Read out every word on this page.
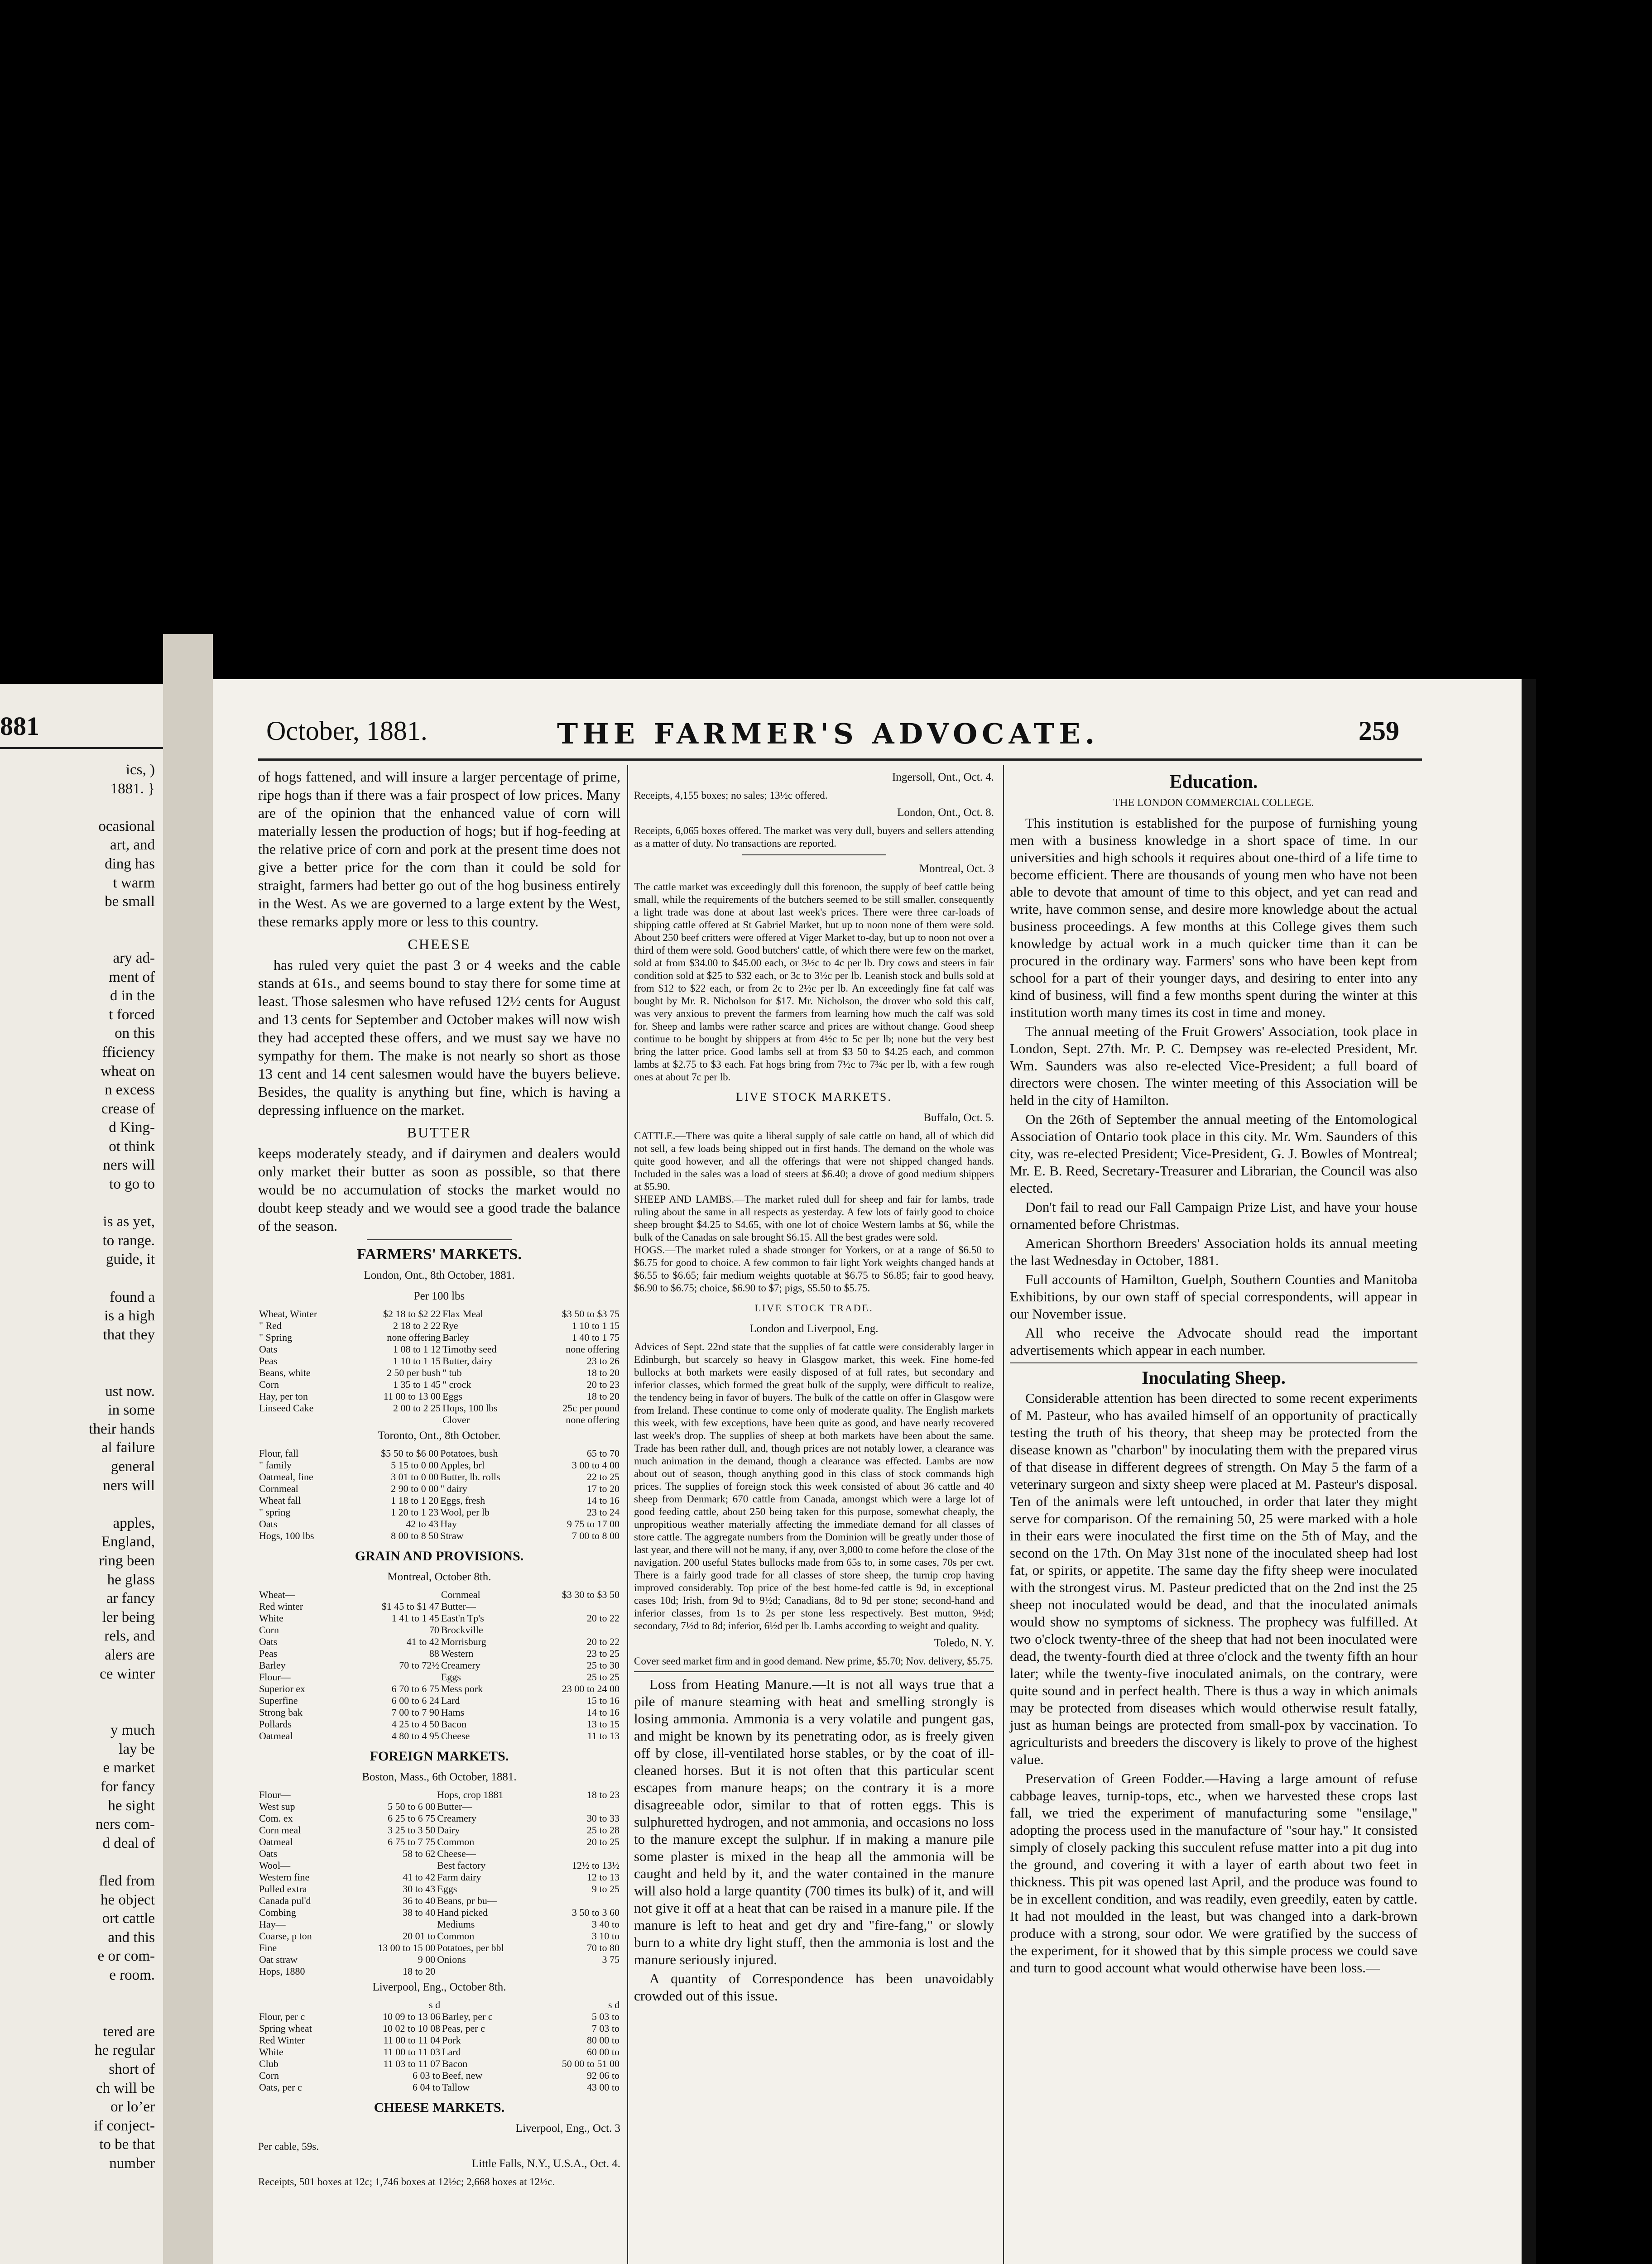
881
ics, )
1881. }

ocasional
art, and
ding has
t warm
be small

ary ad-
ment of
d in the
t forced
on this
fficiency
wheat on
n excess
crease of
d King-
ot think
ners will
to go to

is as yet,
to range.
guide, it

found a
is a high
that they

ust now.
in some
their hands
al failure
general
ners will

apples,
England,
ring been
he glass
ar fancy
ler being
rels, and
alers are
ce winter

y much
lay be
e market
for fancy
he sight
ners com-
d deal of

fled from
he object
ort cattle
and this
e or com-
e room.

tered are
he regular
short of
ch will be
or lo’er
if conject-
to be that
number
October, 1881.	THE FARMER'S ADVOCATE.	259

of hogs fattened, and will insure a larger percentage of prime, ripe hogs than if there was a fair prospect of low prices. Many are of the opinion that the enhanced value of corn will materially lessen the production of hogs; but if hog-feeding at the relative price of corn and pork at the present time does not give a better price for the corn than it could be sold for straight, farmers had better go out of the hog business entirely in the West. As we are governed to a large extent by the West, these remarks apply more or less to this country.

CHEESE

has ruled very quiet the past 3 or 4 weeks and the cable stands at 61s., and seems bound to stay there for some time at least. Those salesmen who have refused 12½ cents for August and 13 cents for September and October makes will now wish they had accepted these offers, and we must say we have no sympathy for them. The make is not nearly so short as those 13 cent and 14 cent salesmen would have the buyers believe. Besides, the quality is anything but fine, which is having a depressing influence on the market.

BUTTER

keeps moderately steady, and if dairymen and dealers would only market their butter as soon as possible, so that there would be no accumulation of stocks the market would no doubt keep steady and we would see a good trade the balance of the season.

FARMERS' MARKETS.
London, Ont., 8th October, 1881.
Per 100 lbs
Wheat, Winter	$2 18 to $2 22	Flax Meal	$3 50 to $3 75
" Red	2 18 to 2 22	Rye	1 10 to 1 15
" Spring	none offering	Barley	1 40 to 1 75
Oats	1 08 to 1 12	Timothy seed	none offering
Peas	1 10 to 1 15	Butter, dairy	23 to 26
Beans, white	2 50 per bush	" tub	18 to 20
Corn	1 35 to 1 45	" crock	20 to 23
Hay, per ton	11 00 to 13 00	Eggs	18 to 20
Linseed Cake	2 00 to 2 25	Hops, 100 lbs	25c per pound
		Clover	none offering
Toronto, Ont., 8th October.
Flour, fall	$5 50 to $6 00	Potatoes, bush	65 to 70
" family	5 15 to 0 00	Apples, brl	3 00 to 4 00
Oatmeal, fine	3 01 to 0 00	Butter, lb. rolls	22 to 25
Cornmeal	2 90 to 0 00	" dairy	17 to 20
Wheat fall	1 18 to 1 20	Eggs, fresh	14 to 16
" spring	1 20 to 1 23	Wool, per lb	23 to 24
Oats	42 to 43	Hay	9 75 to 17 00
Hogs, 100 lbs	8 00 to 8 50	Straw	7 00 to 8 00
GRAIN AND PROVISIONS.
Montreal, October 8th.
Wheat—		Cornmeal	$3 30 to $3 50
Red winter	$1 45 to $1 47	Butter—	
White	1 41 to 1 45	East'n Tp's	20 to 22
Corn	70	Brockville	
Oats	41 to 42	Morrisburg	20 to 22
Peas	88	Western	23 to 25
Barley	70 to 72½	Creamery	25 to 30
Flour—		Eggs	25 to 25
Superior ex	6 70 to 6 75	Mess pork	23 00 to 24 00
Superfine	6 00 to 6 24	Lard	15 to 16
Strong bak	7 00 to 7 90	Hams	14 to 16
Pollards	4 25 to 4 50	Bacon	13 to 15
Oatmeal	4 80 to 4 95	Cheese	11 to 13
FOREIGN MARKETS.
Boston, Mass., 6th October, 1881.
Flour—		Hops, crop 1881	18 to 23
West sup	5 50 to 6 00	Butter—	
Com. ex	6 25 to 6 75	Creamery	30 to 33
Corn meal	3 25 to 3 50	Dairy	25 to 28
Oatmeal	6 75 to 7 75	Common	20 to 25
Oats	58 to 62	Cheese—	
Wool—		Best factory	12½ to 13½
Western fine	41 to 42	Farm dairy	12 to 13
Pulled extra	30 to 43	Eggs	9 to 25
Canada pul'd	36 to 40	Beans, pr bu—	
Combing	38 to 40	Hand picked	3 50 to 3 60
Hay—		Mediums	3 40 to
Coarse, p ton	20 01 to	Common	3 10 to
Fine	13 00 to 15 00	Potatoes, per bbl	70 to 80
Oat straw	9 00	Onions	3 75
Hops, 1880	18 to 20		
Liverpool, Eng., October 8th.
	s d		s d
Flour, per c	10 09 to 13 06	Barley, per c	5 03 to
Spring wheat	10 02 to 10 08	Peas, per c	7 03 to
Red Winter	11 00 to 11 04	Pork	80 00 to
White	11 00 to 11 03	Lard	60 00 to
Club	11 03 to 11 07	Bacon	50 00 to 51 00
Corn	6 03 to	Beef, new	92 06 to
Oats, per c	6 04 to	Tallow	43 00 to
CHEESE MARKETS.
Liverpool, Eng., Oct. 3

Per cable, 59s.

Little Falls, N.Y., U.S.A., Oct. 4.

Receipts, 501 boxes at 12c; 1,746 boxes at 12½c; 2,668 boxes at 12½c.

Ingersoll, Ont., Oct. 4.

Receipts, 4,155 boxes; no sales; 13½c offered.

London, Ont., Oct. 8.

Receipts, 6,065 boxes offered. The market was very dull, buyers and sellers attending as a matter of duty. No transactions are reported.

Montreal, Oct. 3

The cattle market was exceedingly dull this forenoon, the supply of beef cattle being small, while the requirements of the butchers seemed to be still smaller, consequently a light trade was done at about last week's prices. There were three car-loads of shipping cattle offered at St Gabriel Market, but up to noon none of them were sold. About 250 beef critters were offered at Viger Market to-day, but up to noon not over a third of them were sold. Good butchers' cattle, of which there were few on the market, sold at from $34.00 to $45.00 each, or 3½c to 4c per lb. Dry cows and steers in fair condition sold at $25 to $32 each, or 3c to 3½c per lb. Leanish stock and bulls sold at from $12 to $22 each, or from 2c to 2½c per lb. An exceedingly fine fat calf was bought by Mr. R. Nicholson for $17. Mr. Nicholson, the drover who sold this calf, was very anxious to prevent the farmers from learning how much the calf was sold for. Sheep and lambs were rather scarce and prices are without change. Good sheep continue to be bought by shippers at from 4½c to 5c per lb; none but the very best bring the latter price. Good lambs sell at from $3 50 to $4.25 each, and common lambs at $2.75 to $3 each. Fat hogs bring from 7½c to 7¾c per lb, with a few rough ones at about 7c per lb.

LIVE STOCK MARKETS.
Buffalo, Oct. 5.

CATTLE.—There was quite a liberal supply of sale cattle on hand, all of which did not sell, a few loads being shipped out in first hands. The demand on the whole was quite good however, and all the offerings that were not shipped changed hands. Included in the sales was a load of steers at $6.40; a drove of good medium shippers at $5.90.
SHEEP AND LAMBS.—The market ruled dull for sheep and fair for lambs, trade ruling about the same in all respects as yesterday. A few lots of fairly good to choice sheep brought $4.25 to $4.65, with one lot of choice Western lambs at $6, while the bulk of the Canadas on sale brought $6.15. All the best grades were sold.
HOGS.—The market ruled a shade stronger for Yorkers, or at a range of $6.50 to $6.75 for good to choice. A few common to fair light York weights changed hands at $6.55 to $6.65; fair medium weights quotable at $6.75 to $6.85; fair to good heavy, $6.90 to $6.75; choice, $6.90 to $7; pigs, $5.50 to $5.75.

LIVE STOCK TRADE.
London and Liverpool, Eng.

Advices of Sept. 22nd state that the supplies of fat cattle were considerably larger in Edinburgh, but scarcely so heavy in Glasgow market, this week. Fine home-fed bullocks at both markets were easily disposed of at full rates, but secondary and inferior classes, which formed the great bulk of the supply, were difficult to realize, the tendency being in favor of buyers. The bulk of the cattle on offer in Glasgow were from Ireland. These continue to come only of moderate quality. The English markets this week, with few exceptions, have been quite as good, and have nearly recovered last week's drop. The supplies of sheep at both markets have been about the same. Trade has been rather dull, and, though prices are not notably lower, a clearance was much animation in the demand, though a clearance was effected. Lambs are now about out of season, though anything good in this class of stock commands high prices. The supplies of foreign stock this week consisted of about 36 cattle and 40 sheep from Denmark; 670 cattle from Canada, amongst which were a large lot of good feeding cattle, about 250 being taken for this purpose, somewhat cheaply, the unpropitious weather materially affecting the immediate demand for all classes of store cattle. The aggregate numbers from the Dominion will be greatly under those of last year, and there will not be many, if any, over 3,000 to come before the close of the navigation. 200 useful States bullocks made from 65s to, in some cases, 70s per cwt. There is a fairly good trade for all classes of store sheep, the turnip crop having improved considerably. Top price of the best home-fed cattle is 9d, in exceptional cases 10d; Irish, from 9d to 9½d; Canadians, 8d to 9d per stone; second-hand and inferior classes, from 1s to 2s per stone less respectively. Best mutton, 9½d; secondary, 7½d to 8d; inferior, 6½d per lb. Lambs according to weight and quality.

Toledo, N. Y.

Cover seed market firm and in good demand. New prime, $5.70; Nov. delivery, $5.75.

Loss from Heating Manure.—It is not all ways true that a pile of manure steaming with heat and smelling strongly is losing ammonia. Ammonia is a very volatile and pungent gas, and might be known by its penetrating odor, as is freely given off by close, ill-ventilated horse stables, or by the coat of ill-cleaned horses. But it is not often that this particular scent escapes from manure heaps; on the contrary it is a more disagreeable odor, similar to that of rotten eggs. This is sulphuretted hydrogen, and not ammonia, and occasions no loss to the manure except the sulphur. If in making a manure pile some plaster is mixed in the heap all the ammonia will be caught and held by it, and the water contained in the manure will also hold a large quantity (700 times its bulk) of it, and will not give it off at a heat that can be raised in a manure pile. If the manure is left to heat and get dry and "fire-fang," or slowly burn to a white dry light stuff, then the ammonia is lost and the manure seriously injured.

A quantity of Correspondence has been unavoidably crowded out of this issue.

Education.
THE LONDON COMMERCIAL COLLEGE.

This institution is established for the purpose of furnishing young men with a business knowledge in a short space of time. In our universities and high schools it requires about one-third of a life time to become efficient. There are thousands of young men who have not been able to devote that amount of time to this object, and yet can read and write, have common sense, and desire more knowledge about the actual business proceedings. A few months at this College gives them such knowledge by actual work in a much quicker time than it can be procured in the ordinary way. Farmers' sons who have been kept from school for a part of their younger days, and desiring to enter into any kind of business, will find a few months spent during the winter at this institution worth many times its cost in time and money.

The annual meeting of the Fruit Growers' Association, took place in London, Sept. 27th. Mr. P. C. Dempsey was re-elected President, Mr. Wm. Saunders was also re-elected Vice-President; a full board of directors were chosen. The winter meeting of this Association will be held in the city of Hamilton.

On the 26th of September the annual meeting of the Entomological Association of Ontario took place in this city. Mr. Wm. Saunders of this city, was re-elected President; Vice-President, G. J. Bowles of Montreal; Mr. E. B. Reed, Secretary-Treasurer and Librarian, the Council was also elected.

Don't fail to read our Fall Campaign Prize List, and have your house ornamented before Christmas.

American Shorthorn Breeders' Association holds its annual meeting the last Wednesday in October, 1881.

Full accounts of Hamilton, Guelph, Southern Counties and Manitoba Exhibitions, by our own staff of special correspondents, will appear in our November issue.

All who receive the Advocate should read the important advertisements which appear in each number.

Inoculating Sheep.

Considerable attention has been directed to some recent experiments of M. Pasteur, who has availed himself of an opportunity of practically testing the truth of his theory, that sheep may be protected from the disease known as "charbon" by inoculating them with the prepared virus of that disease in different degrees of strength. On May 5 the farm of a veterinary surgeon and sixty sheep were placed at M. Pasteur's disposal. Ten of the animals were left untouched, in order that later they might serve for comparison. Of the remaining 50, 25 were marked with a hole in their ears were inoculated the first time on the 5th of May, and the second on the 17th. On May 31st none of the inoculated sheep had lost fat, or spirits, or appetite. The same day the fifty sheep were inoculated with the strongest virus. M. Pasteur predicted that on the 2nd inst the 25 sheep not inoculated would be dead, and that the inoculated animals would show no symptoms of sickness. The prophecy was fulfilled. At two o'clock twenty-three of the sheep that had not been inoculated were dead, the twenty-fourth died at three o'clock and the twenty fifth an hour later; while the twenty-five inoculated animals, on the contrary, were quite sound and in perfect health. There is thus a way in which animals may be protected from diseases which would otherwise result fatally, just as human beings are protected from small-pox by vaccination. To agriculturists and breeders the discovery is likely to prove of the highest value.

Preservation of Green Fodder.—Having a large amount of refuse cabbage leaves, turnip-tops, etc., when we harvested these crops last fall, we tried the experiment of manufacturing some "ensilage," adopting the process used in the manufacture of "sour hay." It consisted simply of closely packing this succulent refuse matter into a pit dug into the ground, and covering it with a layer of earth about two feet in thickness. This pit was opened last April, and the produce was found to be in excellent condition, and was readily, even greedily, eaten by cattle. It had not moulded in the least, but was changed into a dark-brown produce with a strong, sour odor. We were gratified by the success of the experiment, for it showed that by this simple process we could save and turn to good account what would otherwise have been loss.—
